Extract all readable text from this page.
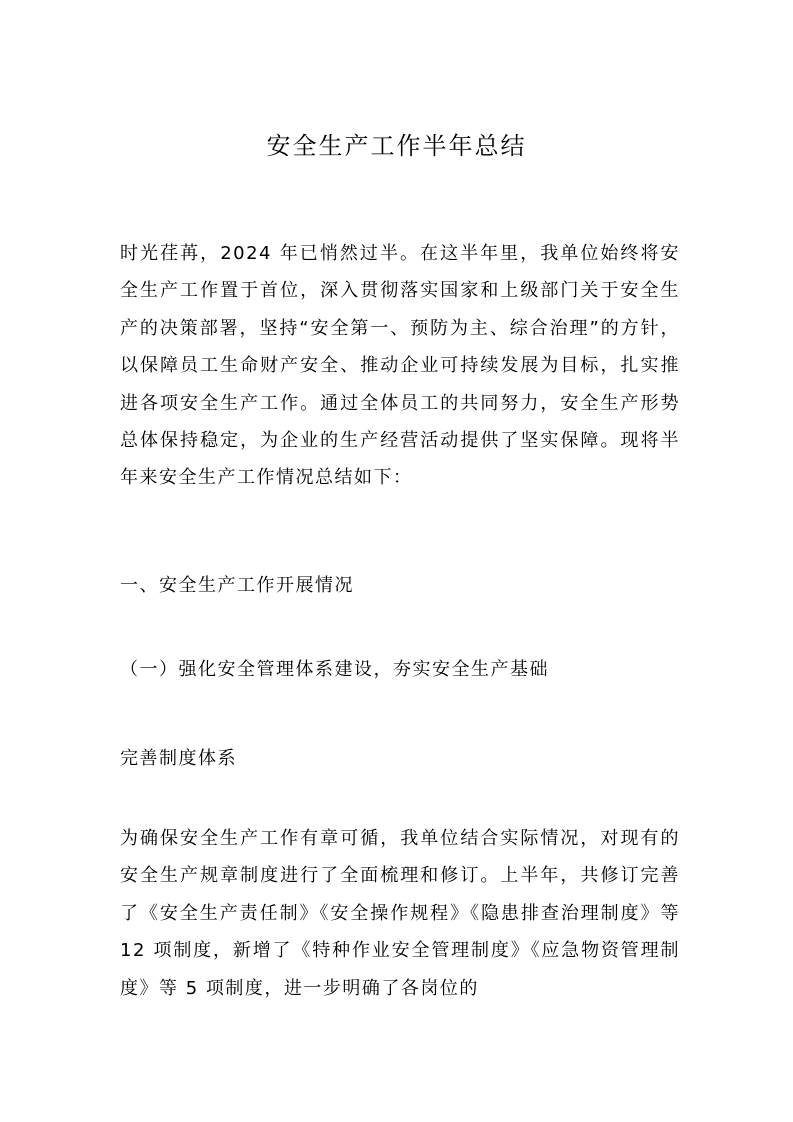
安全生产工作半年总结

时光荏苒，2024 年已悄然过半。在这半年里，我单位始终将安全生产工作置于首位，深入贯彻落实国家和上级部门关于安全生产的决策部署，坚持“安全第一、预防为主、综合治理”的方针，以保障员工生命财产安全、推动企业可持续发展为目标，扎实推进各项安全生产工作。通过全体员工的共同努力，安全生产形势总体保持稳定，为企业的生产经营活动提供了坚实保障。现将半年来安全生产工作情况总结如下：

一、安全生产工作开展情况

（一）强化安全管理体系建设，夯实安全生产基础

完善制度体系

为确保安全生产工作有章可循，我单位结合实际情况，对现有的安全生产规章制度进行了全面梳理和修订。上半年，共修订完善了《安全生产责任制》《安全操作规程》《隐患排查治理制度》等 12 项制度，新增了《特种作业安全管理制度》《应急物资管理制度》等 5 项制度，进一步明确了各岗位的
